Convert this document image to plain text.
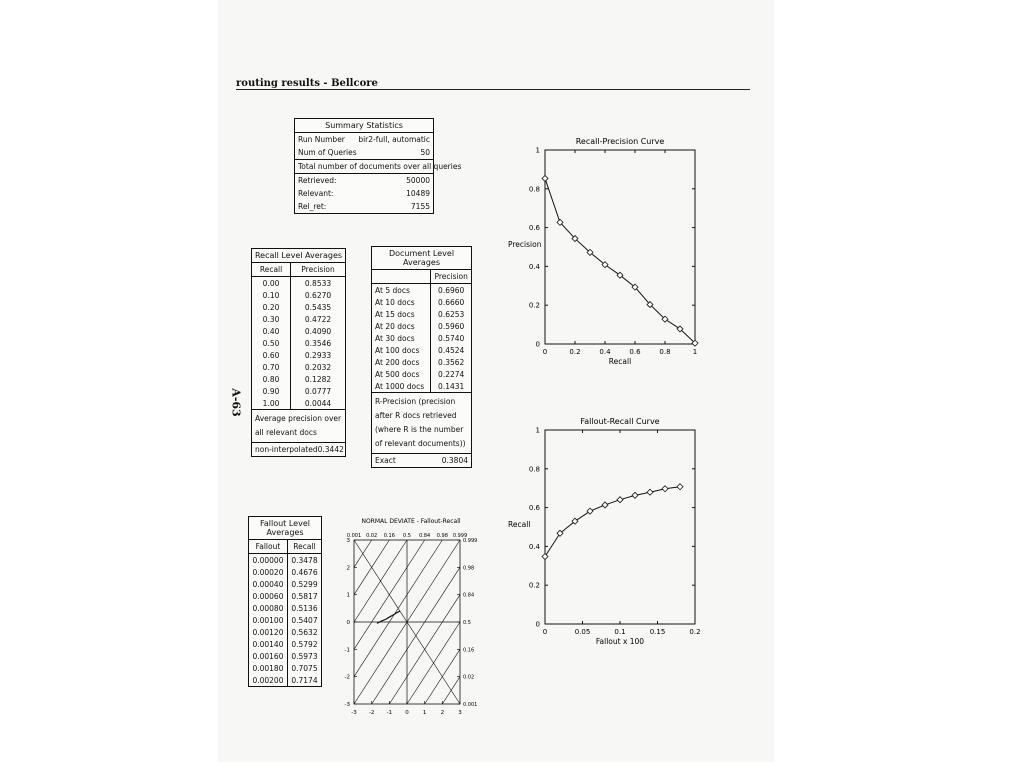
routing results - Bellcore
A-63
Summary Statistics
Run Number bir2-full, automatic
Num of Queries	50
Total number of documents over all queries
Retrieved:	50000
Relevant:	10489
Rel_ret:	7155
Recall Level Averages
Recall	Precision
0.00	0.8533
0.10	0.6270
0.20	0.5435
0.30	0.4722
0.40	0.4090
0.50	0.3546
0.60	0.2933
0.70	0.2032
0.80	0.1282
0.90	0.0777
1.00	0.0044
Average precision over all relevant docs
non-interpolated 0.3442
Document Level Averages
	Precision
At 5 docs	0.6960
At 10 docs	0.6660
At 15 docs	0.6253
At 20 docs	0.5960
At 30 docs	0.5740
At 100 docs	0.4524
At 200 docs	0.3562
At 500 docs	0.2274
At 1000 docs	0.1431
R-Precision (precision after R docs retrieved (where R is the number of relevant documents))
Exact	0.3804
Fallout Level Averages
Fallout	Recall
0.00000	0.3478
0.00020	0.4676
0.00040	0.5299
0.00060	0.5817
0.00080	0.5136
0.00100	0.5407
0.00120	0.5632
0.00140	0.5792
0.00160	0.5973
0.00180	0.7075
0.00200	0.7174
Recall-Precision Curve
0	0.2	0.4	0.6	0.8	1
0
0.2
0.4
0.6
0.8
1
Recall
Precision
Fallout-Recall Curve
0	0.05	0.1	0.15	0.2
0
0.2
0.4
0.6
0.8
1
Fallout x 100
Recall
NORMAL DEVIATE - Fallout-Recall
0.001 0.02 0.16 0.5 0.84 0.98 0.999
-3 -2 -1 0	1	2	3
-3
-2
-1
0
1
2
3	0.999
0.98
0.84
0.5
0.16
0.02
0.001
